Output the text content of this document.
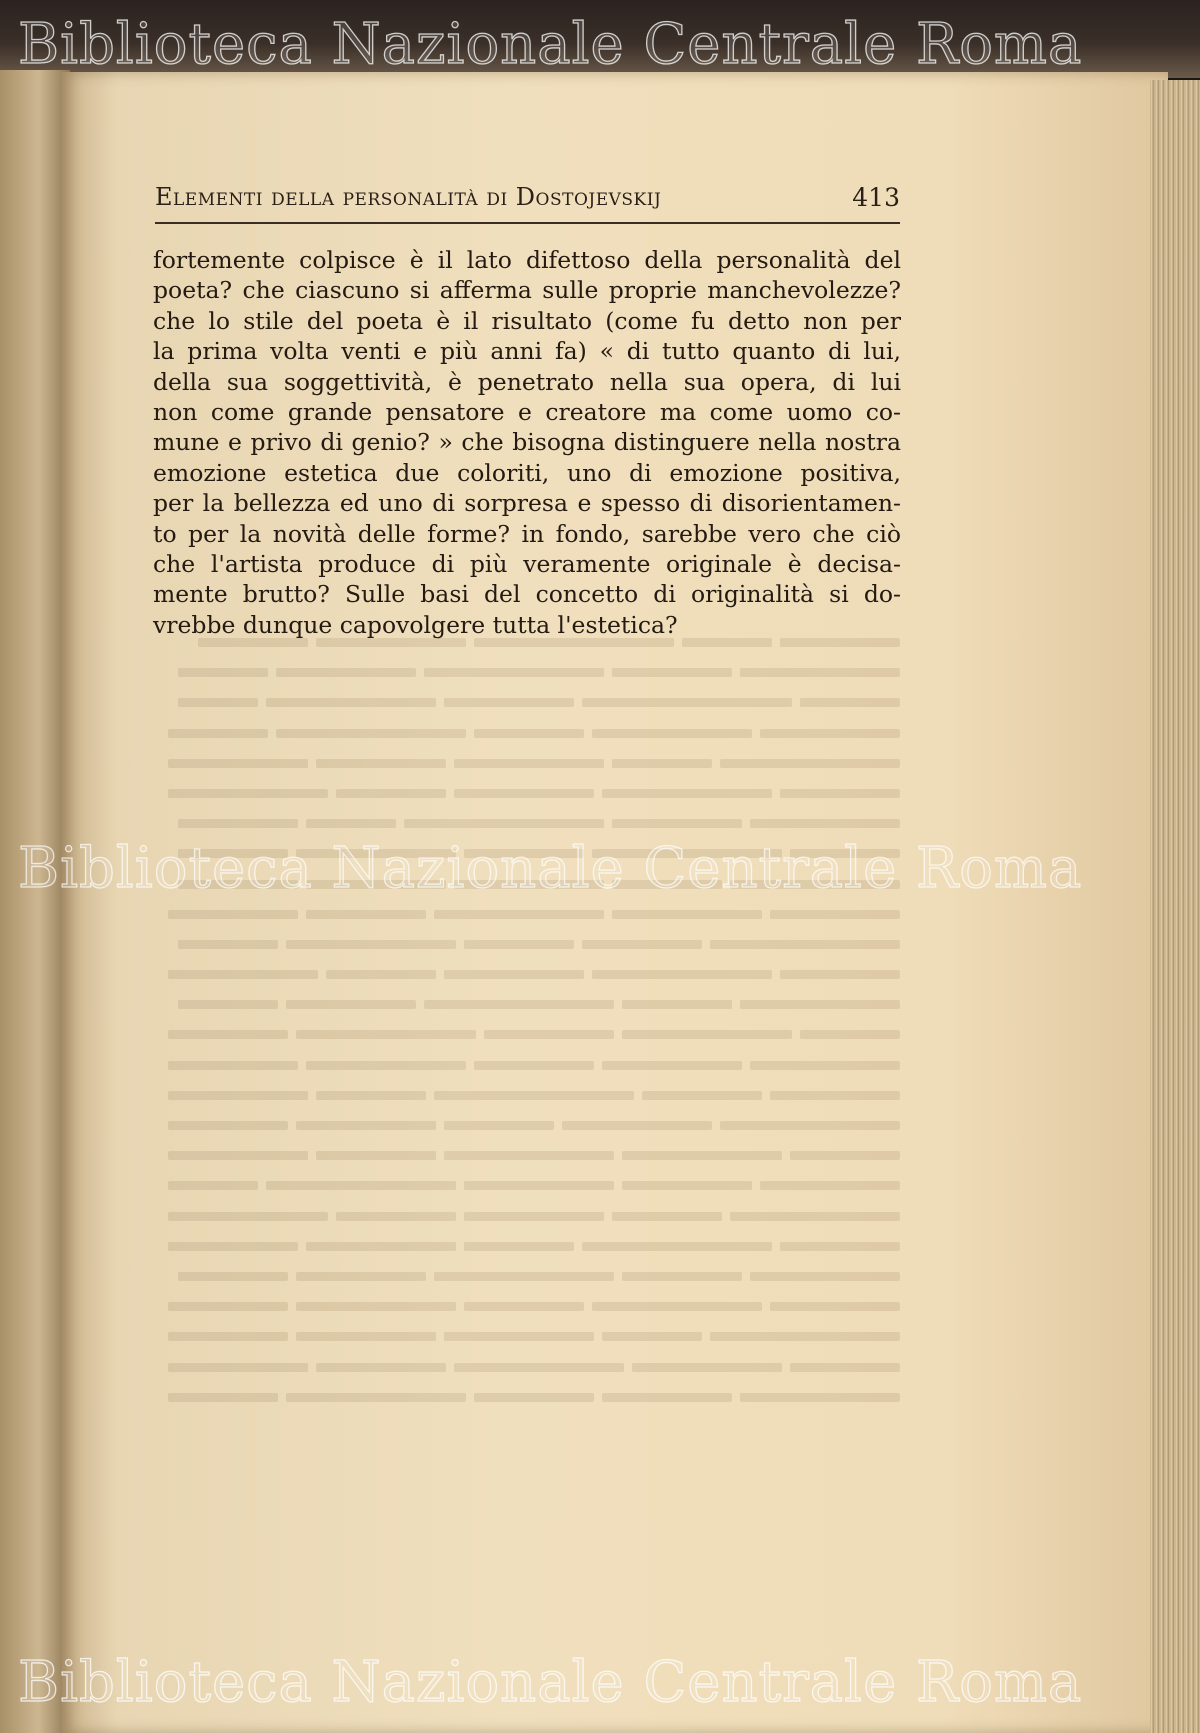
Elementi della personalità di Dostojevskij	413
fortemente colpisce è il lato difettoso della personalità del
poeta? che ciascuno si afferma sulle proprie manchevolezze?
che lo stile del poeta è il risultato (come fu detto non per
la prima volta venti e più anni fa) « di tutto quanto di lui,
della sua soggettività, è penetrato nella sua opera, di lui
non come grande pensatore e creatore ma come uomo co-
mune e privo di genio? » che bisogna distinguere nella nostra
emozione estetica due coloriti, uno di emozione positiva,
per la bellezza ed uno di sorpresa e spesso di disorientamen-
to per la novità delle forme? in fondo, sarebbe vero che ciò
che l'artista produce di più veramente originale è decisa-
mente brutto? Sulle basi del concetto di originalità si do-
vrebbe dunque capovolgere tutta l'estetica?
Biblioteca Nazionale Centrale Roma
Biblioteca Nazionale Centrale Roma
Biblioteca Nazionale Centrale Roma
